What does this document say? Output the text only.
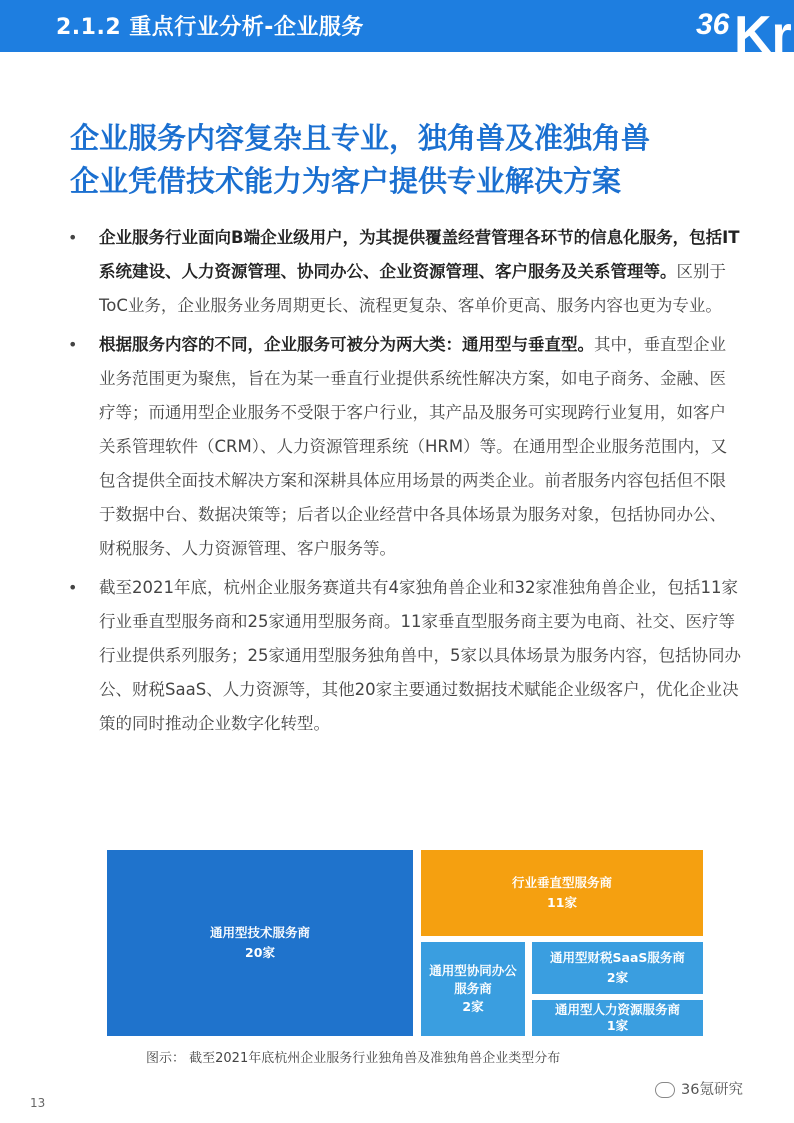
2.1.2 重点行业分析-企业服务	36 Kr
企业服务内容复杂且专业，独角兽及准独角兽
企业凭借技术能力为客户提供专业解决方案
• 企业服务行业面向B端企业级用户，为其提供覆盖经营管理各环节的信息化服务，包括IT系统建设、人力资源管理、协同办公、企业资源管理、客户服务及关系管理等。区别于ToC业务，企业服务业务周期更长、流程更复杂、客单价更高、服务内容也更为专业。
• 根据服务内容的不同，企业服务可被分为两大类：通用型与垂直型。其中，垂直型企业业务范围更为聚焦，旨在为某一垂直行业提供系统性解决方案，如电子商务、金融、医疗等；而通用型企业服务不受限于客户行业，其产品及服务可实现跨行业复用，如客户关系管理软件（CRM）、人力资源管理系统（HRM）等。在通用型企业服务范围内，又包含提供全面技术解决方案和深耕具体应用场景的两类企业。前者服务内容包括但不限于数据中台、数据决策等；后者以企业经营中各具体场景为服务对象，包括协同办公、财税服务、人力资源管理、客户服务等。
• 截至2021年底，杭州企业服务赛道共有4家独角兽企业和32家准独角兽企业，包括11家行业垂直型服务商和25家通用型服务商。11家垂直型服务商主要为电商、社交、医疗等行业提供系列服务；25家通用型服务独角兽中，5家以具体场景为服务内容，包括协同办公、财税SaaS、人力资源等，其他20家主要通过数据技术赋能企业级客户，优化企业决策的同时推动企业数字化转型。
通用型技术服务商
20家
行业垂直型服务商
11家
通用型协同办公服务商
2家
通用型财税SaaS服务商
2家
通用型人力资源服务商
1家
图示： 截至2021年底杭州企业服务行业独角兽及准独角兽企业类型分布
36氪研究
13
